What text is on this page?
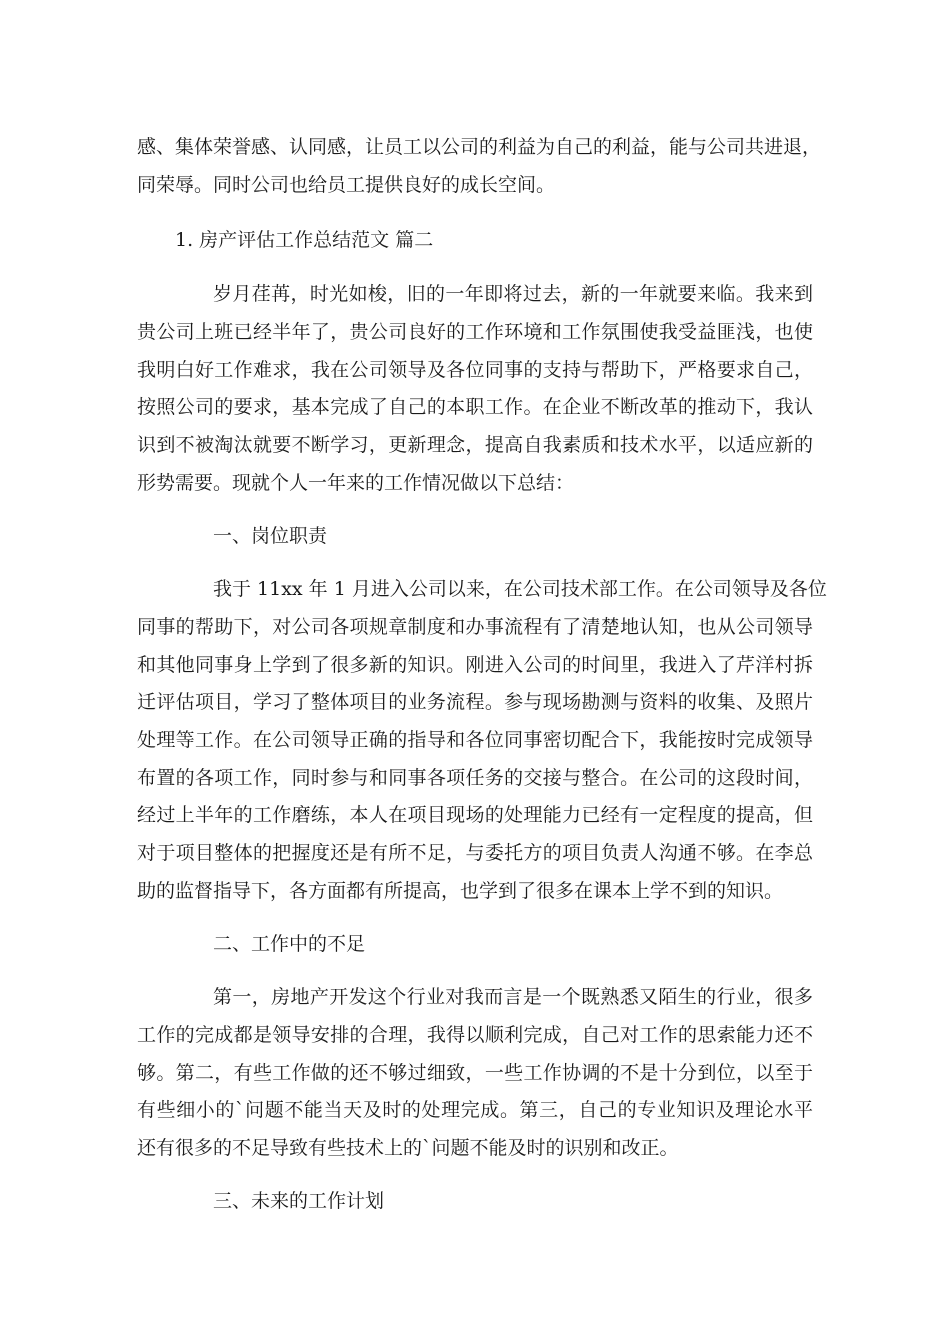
感、集体荣誉感、认同感，让员工以公司的利益为自己的利益，能与公司共进退，
同荣辱。同时公司也给员工提供良好的成长空间。
1. 房产评估工作总结范文 篇二
岁月荏苒，时光如梭，旧的一年即将过去，新的一年就要来临。我来到
贵公司上班已经半年了，贵公司良好的工作环境和工作氛围使我受益匪浅，也使
我明白好工作难求，我在公司领导及各位同事的支持与帮助下，严格要求自己，
按照公司的要求，基本完成了自己的本职工作。在企业不断改革的推动下，我认
识到不被淘汰就要不断学习，更新理念，提高自我素质和技术水平，以适应新的
形势需要。现就个人一年来的工作情况做以下总结：
一、岗位职责
我于 11xx 年 1 月进入公司以来，在公司技术部工作。在公司领导及各位
同事的帮助下，对公司各项规章制度和办事流程有了清楚地认知，也从公司领导
和其他同事身上学到了很多新的知识。刚进入公司的时间里，我进入了芹洋村拆
迁评估项目，学习了整体项目的业务流程。参与现场勘测与资料的收集、及照片
处理等工作。在公司领导正确的指导和各位同事密切配合下，我能按时完成领导
布置的各项工作，同时参与和同事各项任务的交接与整合。在公司的这段时间，
经过上半年的工作磨练，本人在项目现场的处理能力已经有一定程度的提高，但
对于项目整体的把握度还是有所不足，与委托方的项目负责人沟通不够。在李总
助的监督指导下，各方面都有所提高，也学到了很多在课本上学不到的知识。
二、工作中的不足
第一，房地产开发这个行业对我而言是一个既熟悉又陌生的行业，很多
工作的完成都是领导安排的合理，我得以顺利完成，自己对工作的思索能力还不
够。第二，有些工作做的还不够过细致，一些工作协调的不是十分到位，以至于
有些细小的`问题不能当天及时的处理完成。第三，自己的专业知识及理论水平
还有很多的不足导致有些技术上的`问题不能及时的识别和改正。
三、未来的工作计划
